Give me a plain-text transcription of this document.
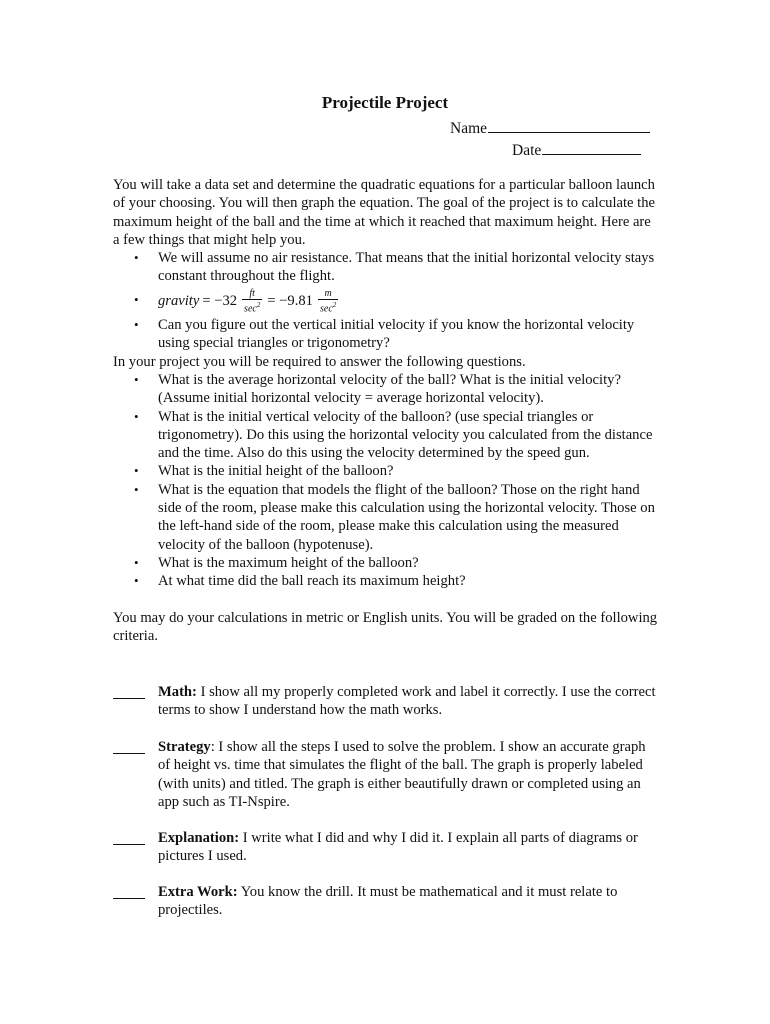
Projectile Project
Name
Date

You will take a data set and determine the quadratic equations for a particular balloon launch of your choosing. You will then graph the equation. The goal of the project is to calculate the maximum height of the ball and the time at which it reached that maximum height. Here are a few things that might help you.

• We will assume no air resistance. That means that the initial horizontal velocity stays constant throughout the flight.
• gravity = $-32 \frac{ft}{\sec^2} = -9.81 \frac{m}{\sec^2}$
• Can you figure out the vertical initial velocity if you know the horizontal velocity using special triangles or trigonometry?

In your project you will be required to answer the following questions.

• What is the average horizontal velocity of the ball? What is the initial velocity? (Assume initial horizontal velocity = average horizontal velocity).
• What is the initial vertical velocity of the balloon? (use special triangles or trigonometry). Do this using the horizontal velocity you calculated from the distance and the time. Also do this using the velocity determined by the speed gun.
• What is the initial height of the balloon?
• What is the equation that models the flight of the balloon? Those on the right hand side of the room, please make this calculation using the horizontal velocity. Those on the left-hand side of the room, please make this calculation using the measured velocity of the balloon (hypotenuse).
• What is the maximum height of the balloon?
• At what time did the ball reach its maximum height?

You may do your calculations in metric or English units. You will be graded on the following criteria.

Math: I show all my properly completed work and label it correctly. I use the correct terms to show I understand how the math works.
Strategy: I show all the steps I used to solve the problem. I show an accurate graph of height vs. time that simulates the flight of the ball. The graph is properly labeled (with units) and titled. The graph is either beautifully drawn or completed using an app such as TI-Nspire.
Explanation: I write what I did and why I did it. I explain all parts of diagrams or pictures I used.
Extra Work: You know the drill. It must be mathematical and it must relate to projectiles.
